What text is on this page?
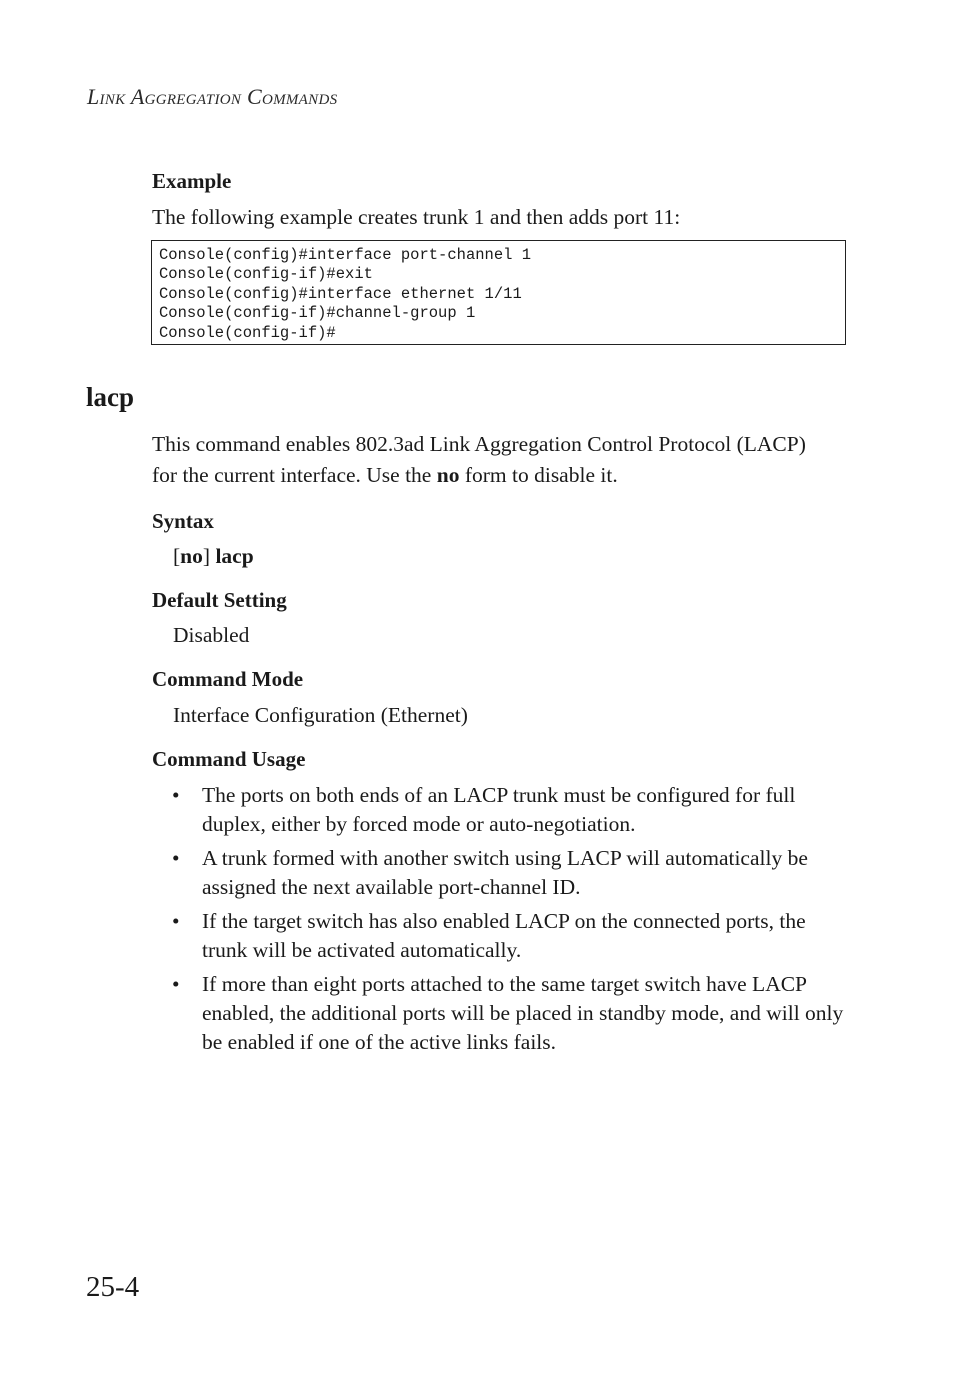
Link Aggregation Commands
Example

The following example creates trunk 1 and then adds port 11:

Console(config)#interface port-channel 1
Console(config-if)#exit
Console(config)#interface ethernet 1/11
Console(config-if)#channel-group 1
Console(config-if)#
lacp

This command enables 802.3ad Link Aggregation Control Protocol (LACP) for the current interface. Use the no form to disable it.

Syntax

[no] lacp

Default Setting

Disabled

Command Mode

Interface Configuration (Ethernet)

Command Usage
• The ports on both ends of an LACP trunk must be configured for full duplex, either by forced mode or auto-negotiation.
• A trunk formed with another switch using LACP will automatically be assigned the next available port-channel ID.
• If the target switch has also enabled LACP on the connected ports, the trunk will be activated automatically.
• If more than eight ports attached to the same target switch have LACP enabled, the additional ports will be placed in standby mode, and will only be enabled if one of the active links fails.
25-4
